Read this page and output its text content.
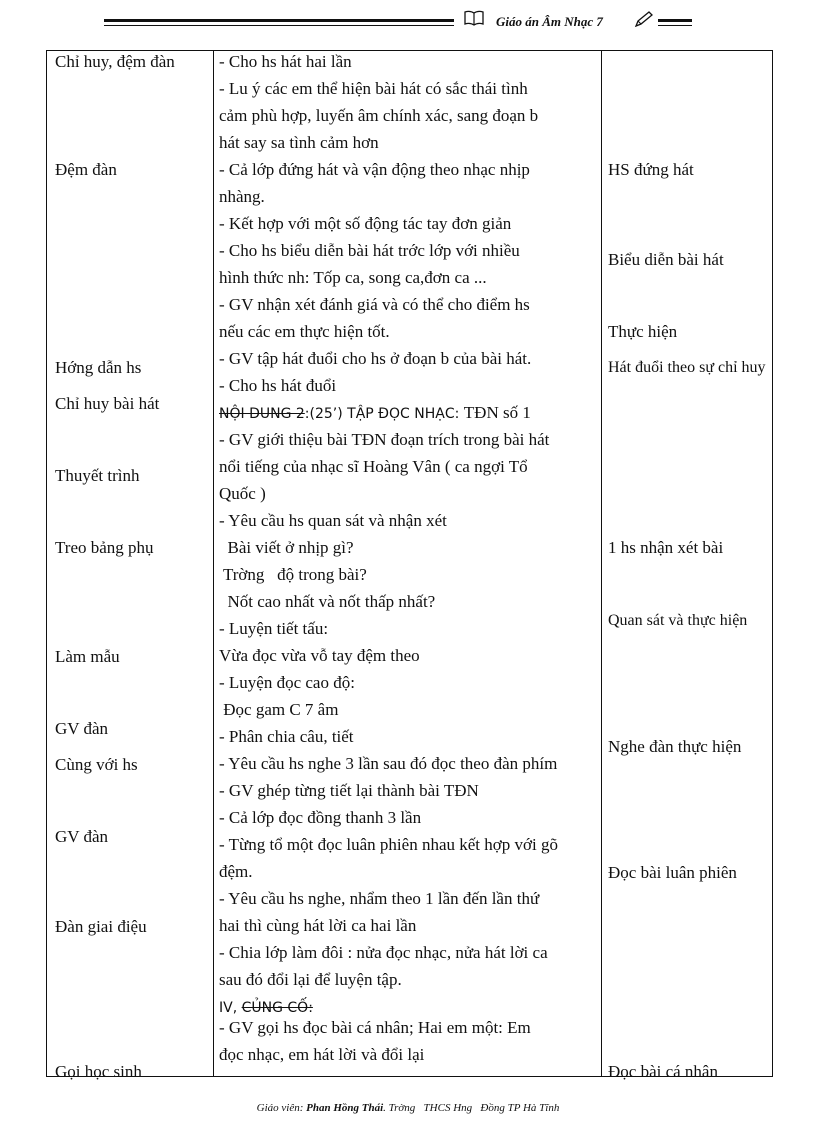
Giáo án Âm Nhạc 7
Chỉ huy, đệm đàn
Đệm đàn
Hớng dẫn hs
Chỉ huy bài hát
Thuyết trình
Treo bảng phụ
Làm mẫu
GV đàn
Cùng với hs
GV đàn
Đàn giai điệu
Gọi học sinh
- Cho hs hát hai lần
- Lu ý các em thể hiện bài hát có sắc thái tình
cảm phù hợp, luyến âm chính xác, sang đoạn b
hát say sa tình cảm hơn
- Cả lớp đứng hát và vận động theo nhạc nhịp
nhàng.
- Kết hợp với một số động tác tay đơn giản
- Cho hs biểu diễn bài hát trớc lớp với nhiều
hình thức nh: Tốp ca, song ca,đơn ca ...
- GV nhận xét đánh giá và có thể cho điểm hs
nếu các em thực hiện tốt.
- GV tập hát đuổi cho hs ở đoạn b của bài hát.
- Cho hs hát đuổi
NỘI DUNG 2:(25’) TẬP ĐỌC NHẠC: TĐN số 1
- GV giới thiệu bài TĐN đoạn trích trong bài hát
nổi tiếng của nhạc sĩ Hoàng Vân ( ca ngợi Tổ
Quốc )
- Yêu cầu hs quan sát và nhận xét
Bài viết ở nhịp gì?
Trờng   độ trong bài?
Nốt cao nhất và nốt thấp nhất?
- Luyện tiết tấu:
Vừa đọc vừa vỗ tay đệm theo
- Luyện đọc cao độ:
Đọc gam C 7 âm
- Phân chia câu, tiết
- Yêu cầu hs nghe 3 lần sau đó đọc theo đàn phím
- GV ghép từng tiết lại thành bài TĐN
- Cả lớp đọc đồng thanh 3 lần
- Từng tổ một đọc luân phiên nhau kết hợp với gõ
đệm.
- Yêu cầu hs nghe, nhẩm theo 1 lần đến lần thứ
hai thì cùng hát lời ca hai lần
- Chia lớp làm đôi : nửa đọc nhạc, nửa hát lời ca
sau đó đổi lại để luyện tập.
IV, CỦNG CỐ:
- GV gọi hs đọc bài cá nhân; Hai em một: Em
đọc nhạc, em hát lời và đổi lại
HS đứng hát
Biểu diễn bài hát
Thực hiện
Hát đuổi theo sự chỉ huy
1 hs nhận xét bài
Quan sát và thực hiện
Nghe đàn thực hiện
Đọc bài luân phiên
Đọc bài cá nhân
Giáo viên: Phan Hồng Thái. Trờng   THCS Hng   Đồng TP Hà Tĩnh
